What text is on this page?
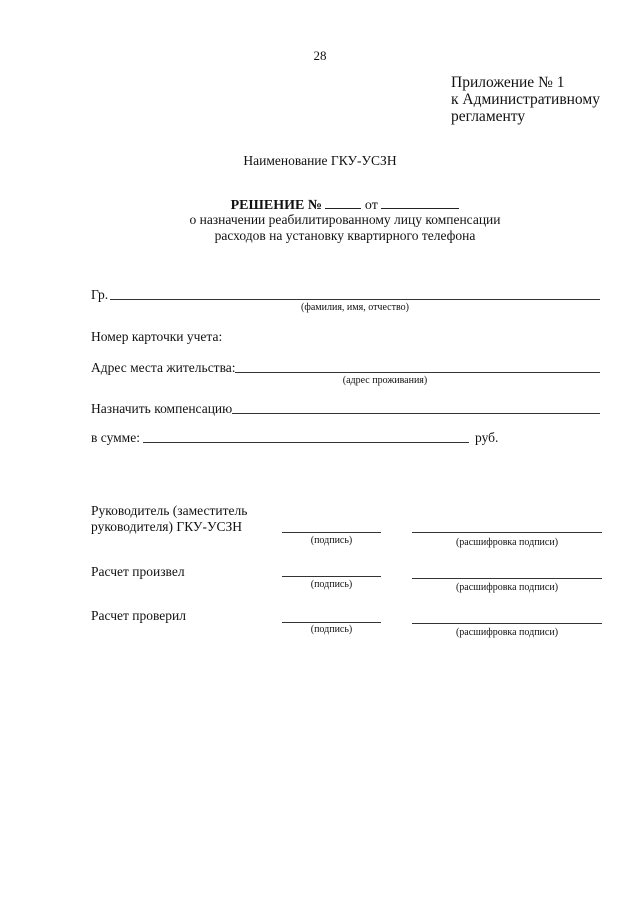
28
Приложение № 1
к Административному
регламенту
Наименование ГКУ-УСЗН
РЕШЕНИЕ №	от
о назначении реабилитированному лицу компенсации
расходов на установку квартирного телефона
Гр.
(фамилия, имя, отчество)
Номер карточки учета:
Адрес места жительства:
(адрес проживания)
Назначить компенсацию
в сумме:	руб.
Руководитель (заместитель
руководителя) ГКУ-УСЗН
(подпись)	(расшифровка подписи)
Расчет произвел
(подпись)	(расшифровка подписи)
Расчет проверил
(подпись)	(расшифровка подписи)
